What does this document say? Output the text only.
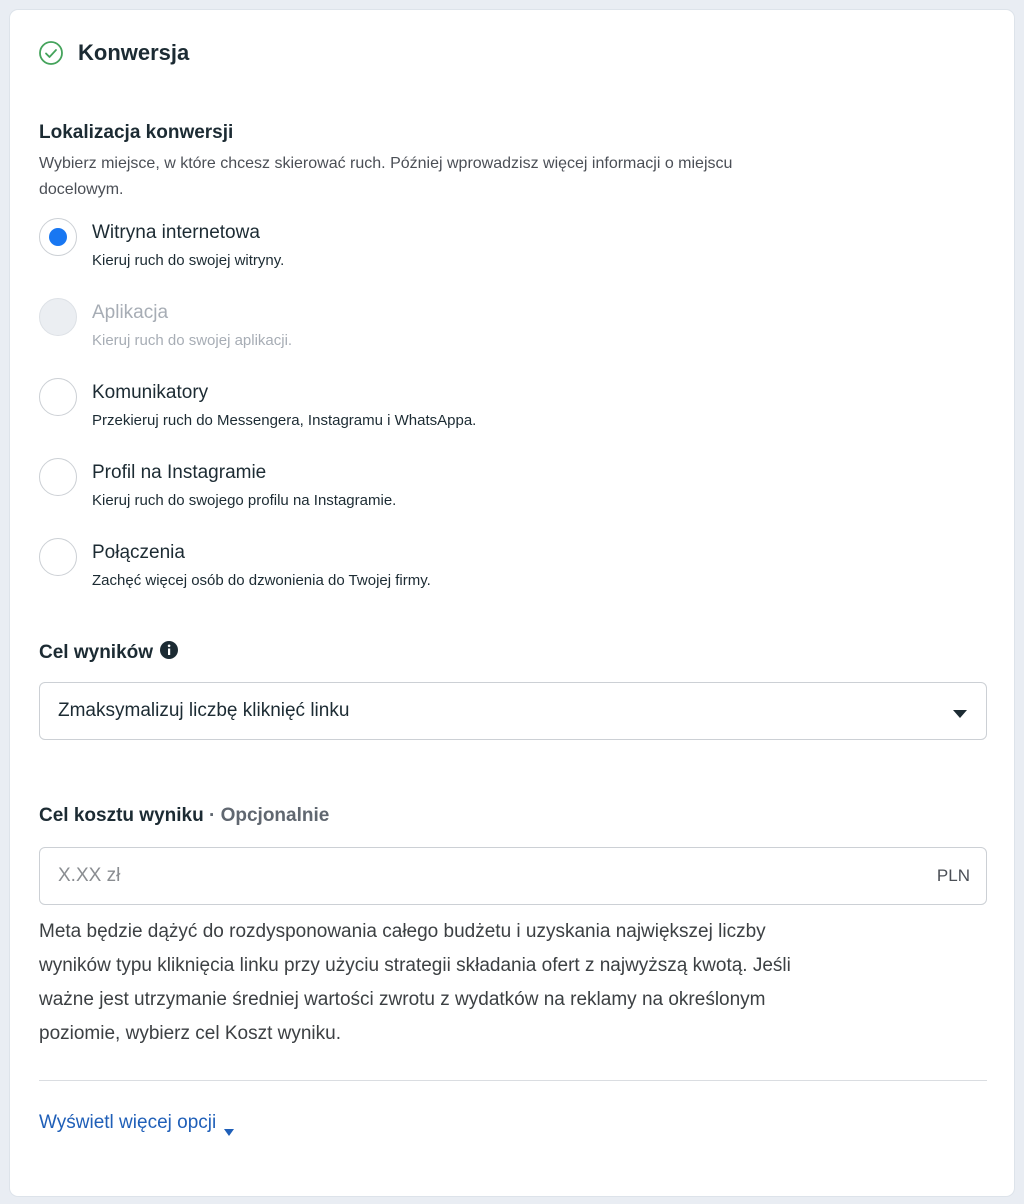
Konwersja
Lokalizacja konwersji
Wybierz miejsce, w które chcesz skierować ruch. Później wprowadzisz więcej informacji o miejscu
docelowym.
Witryna internetowa
Kieruj ruch do swojej witryny.
Aplikacja
Kieruj ruch do swojej aplikacji.
Komunikatory
Przekieruj ruch do Messengera, Instagramu i WhatsAppa.
Profil na Instagramie
Kieruj ruch do swojego profilu na Instagramie.
Połączenia
Zachęć więcej osób do dzwonienia do Twojej firmy.
Cel wyników
Zmaksymalizuj liczbę kliknięć linku
Cel kosztu wyniku · Opcjonalnie
X.XX zł
PLN
Meta będzie dążyć do rozdysponowania całego budżetu i uzyskania największej liczby
wyników typu kliknięcia linku przy użyciu strategii składania ofert z najwyższą kwotą. Jeśli
ważne jest utrzymanie średniej wartości zwrotu z wydatków na reklamy na określonym
poziomie, wybierz cel Koszt wyniku.
Wyświetl więcej opcji
